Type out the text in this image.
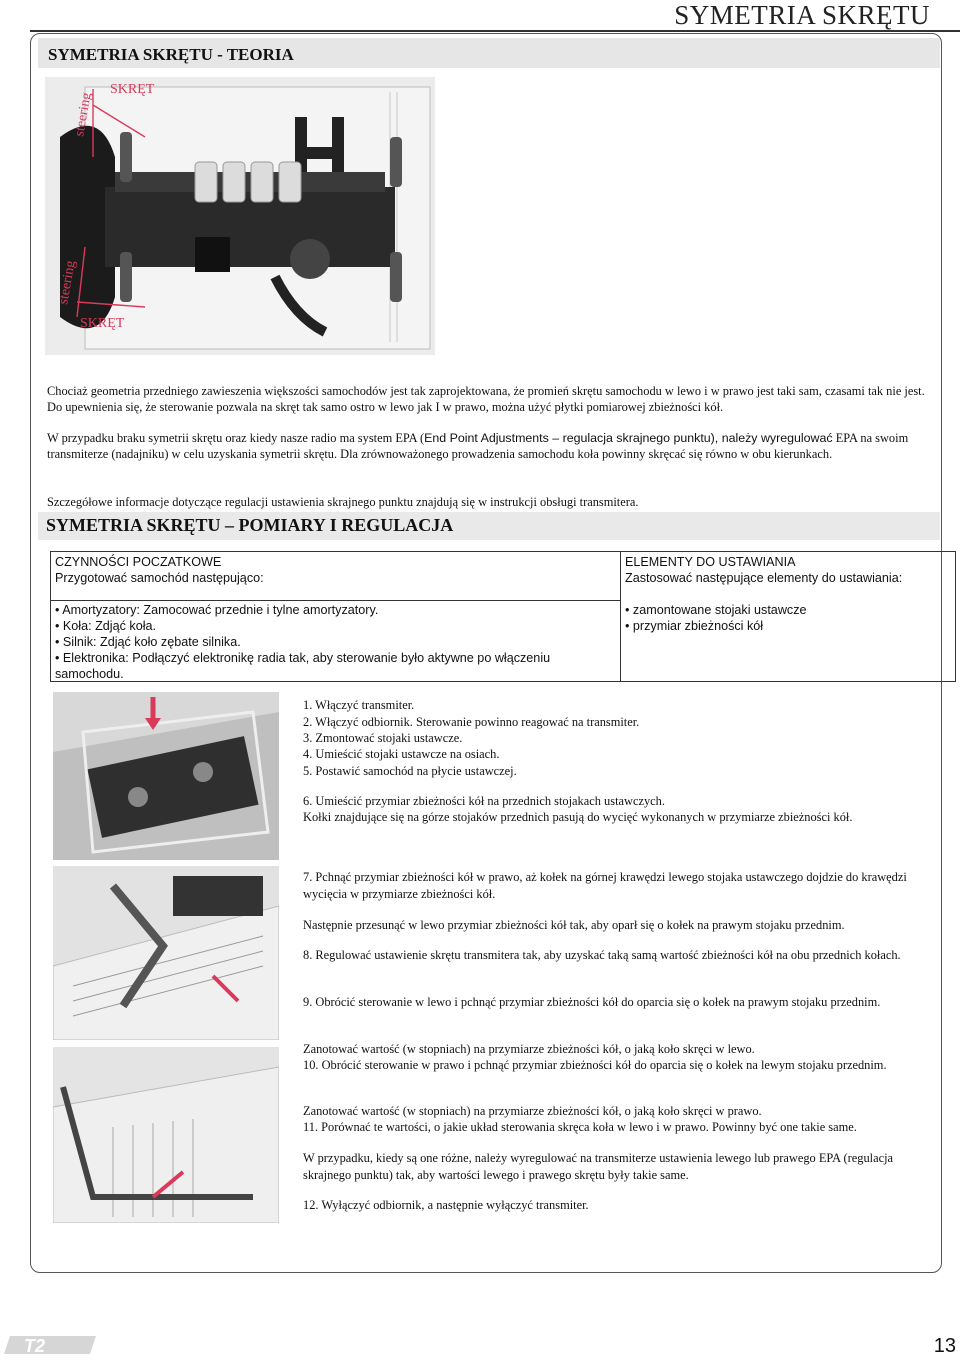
SYMETRIA SKRĘTU
SYMETRIA SKRĘTU - TEORIA
steering
steering
SKRĘT
SKRĘT
Chociaż geometria przedniego zawieszenia większości samochodów jest tak zaprojektowana, że promień skrętu samochodu w lewo i w prawo jest taki sam, czasami tak nie jest. Do upewnienia się, że sterowanie pozwala na skręt tak samo ostro w lewo jak I w prawo, można użyć płytki pomiarowej zbieżności kół.
W przypadku braku symetrii skrętu oraz kiedy nasze radio ma system EPA (End Point Adjustments – regulacja skrajnego punktu), należy wyregulować EPA na swoim transmiterze (nadajniku) w celu uzyskania symetrii skrętu. Dla zrównoważonego prowadzenia samochodu koła powinny skręcać się równo w obu kierunkach.
Szczegółowe informacje dotyczące regulacji ustawienia skrajnego punktu znajdują się w instrukcji obsługi transmitera.
SYMETRIA SKRĘTU – POMIARY I REGULACJA
CZYNNOŚCI POCZATKOWE
Przygotować samochód następująco:
• Amortyzatory: Zamocować przednie i tylne amortyzatory.
• Koła: Zdjąć koła.
• Silnik: Zdjąć koło zębate silnika.
• Elektronika: Podłączyć elektronikę radia tak, aby sterowanie było aktywne po włączeniu samochodu.
ELEMENTY DO USTAWIANIA
Zastosować następujące elementy do ustawiania:
• zamontowane stojaki ustawcze
• przymiar zbieżności kół
1. Włączyć transmiter.
2. Włączyć odbiornik. Sterowanie powinno reagować na transmiter.
3. Zmontować stojaki ustawcze.
4. Umieścić stojaki ustawcze na osiach.
5. Postawić samochód na płycie ustawczej.
6. Umieścić przymiar zbieżności kół na przednich stojakach ustawczych.
Kołki znajdujące się na górze stojaków przednich pasują do wycięć wykonanych w przymiarze zbieżności kół.
7. Pchnąć przymiar zbieżności kół w prawo, aż kołek na górnej krawędzi lewego stojaka ustawczego dojdzie do krawędzi wycięcia w przymiarze zbieżności kół.
Następnie przesunąć w lewo przymiar zbieżności kół tak, aby oparł się o kołek na prawym stojaku przednim.
8. Regulować ustawienie skrętu transmitera tak, aby uzyskać taką samą wartość zbieżności kół na obu przednich kołach.
9. Obrócić sterowanie w lewo i pchnąć przymiar zbieżności kół do oparcia się o kołek na prawym stojaku przednim.
Zanotować wartość (w stopniach) na przymiarze zbieżności kół, o jaką koło skręci w lewo.
10. Obrócić sterowanie w prawo i pchnąć przymiar zbieżności kół do oparcia się o kołek na lewym stojaku przednim.
Zanotować wartość (w stopniach) na przymiarze zbieżności kół, o jaką koło skręci w prawo.
11. Porównać te wartości, o jakie układ sterowania skręca koła w lewo i w prawo. Powinny być one takie same.
W przypadku, kiedy są one różne, należy wyregulować na transmiterze ustawienia lewego lub prawego EPA (regulacja skrajnego punktu) tak, aby wartości lewego i prawego skrętu były takie same.
12. Wyłączyć odbiornik, a następnie wyłączyć transmiter.
T2	13
